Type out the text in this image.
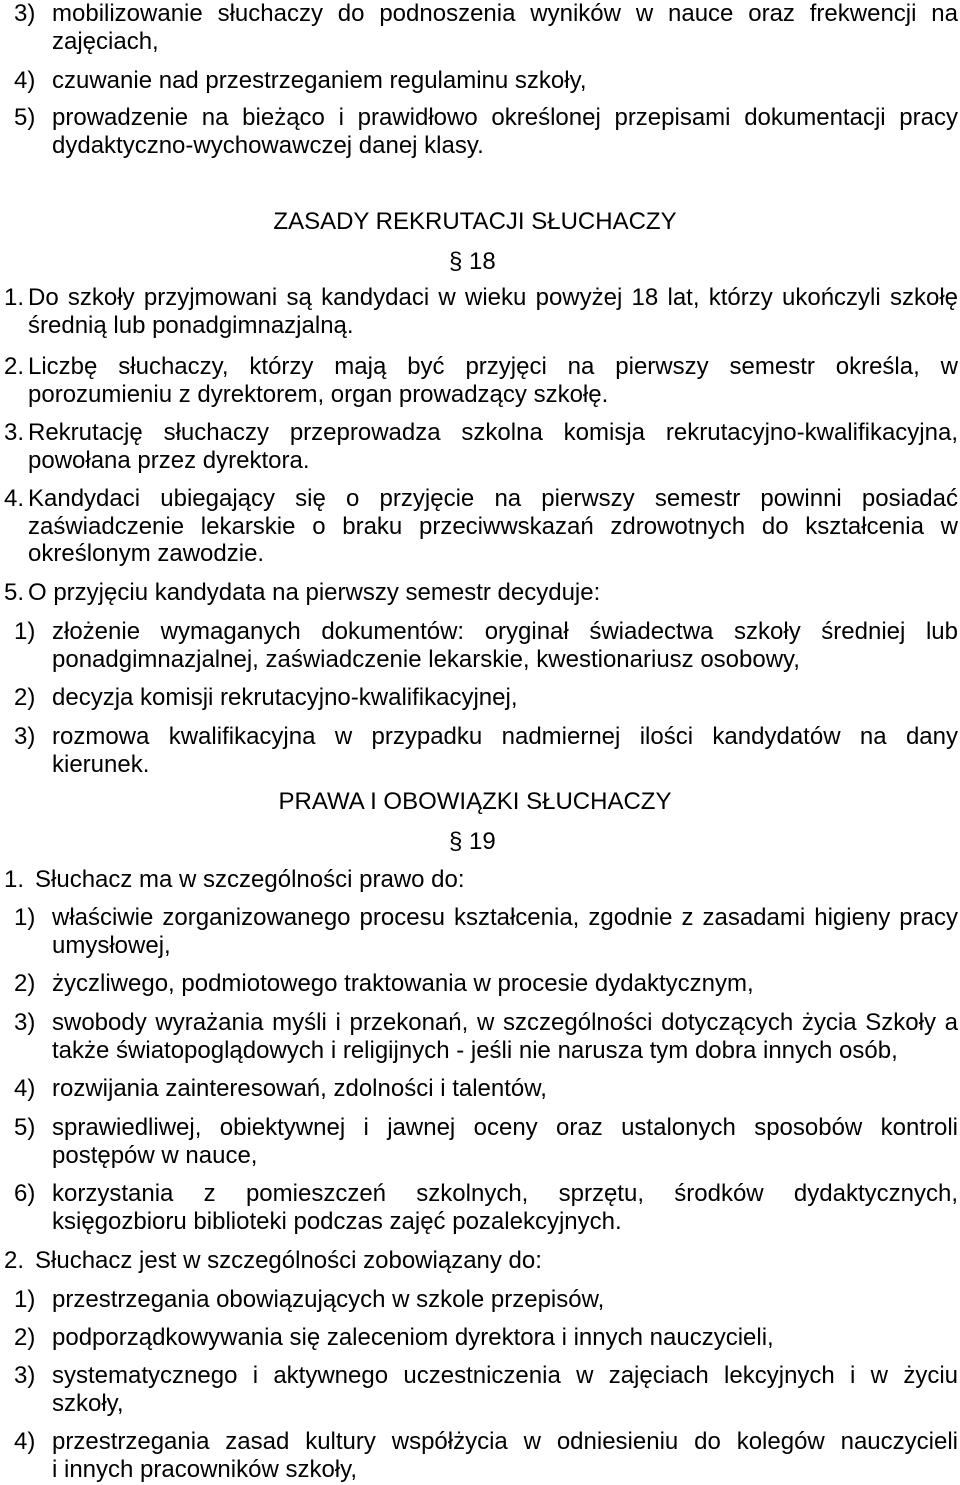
3) mobilizowanie słuchaczy do podnoszenia wyników w nauce oraz frekwencji na
zajęciach,
4) czuwanie nad przestrzeganiem regulaminu szkoły,
5) prowadzenie na bieżąco i prawidłowo określonej przepisami dokumentacji pracy
dydaktyczno-wychowawczej danej klasy.
ZASADY REKRUTACJI SŁUCHACZY
§ 18
1. Do szkoły przyjmowani są kandydaci w wieku powyżej 18 lat, którzy ukończyli szkołę
średnią lub ponadgimnazjalną.
2. Liczbę słuchaczy, którzy mają być przyjęci na pierwszy semestr określa, w
porozumieniu z dyrektorem, organ prowadzący szkołę.
3. Rekrutację słuchaczy przeprowadza szkolna komisja rekrutacyjno-kwalifikacyjna,
powołana przez dyrektora.
4. Kandydaci ubiegający się o przyjęcie na pierwszy semestr powinni posiadać
zaświadczenie lekarskie o braku przeciwwskazań zdrowotnych do kształcenia w
określonym zawodzie.
5. O przyjęciu kandydata na pierwszy semestr decyduje:
1) złożenie wymaganych dokumentów: oryginał świadectwa szkoły średniej lub
ponadgimnazjalnej, zaświadczenie lekarskie, kwestionariusz osobowy,
2) decyzja komisji rekrutacyjno-kwalifikacyjnej,
3) rozmowa kwalifikacyjna w przypadku nadmiernej ilości kandydatów na dany
kierunek.
PRAWA I OBOWIĄZKI SŁUCHACZY
§ 19
1. Słuchacz ma w szczególności prawo do:
1) właściwie zorganizowanego procesu kształcenia, zgodnie z zasadami higieny pracy
umysłowej,
2) życzliwego, podmiotowego traktowania w procesie dydaktycznym,
3) swobody wyrażania myśli i przekonań, w szczególności dotyczących życia Szkoły a
także światopoglądowych i religijnych - jeśli nie narusza tym dobra innych osób,
4) rozwijania zainteresowań, zdolności i talentów,
5) sprawiedliwej, obiektywnej i jawnej oceny oraz ustalonych sposobów kontroli
postępów w nauce,
6) korzystania z pomieszczeń szkolnych, sprzętu, środków dydaktycznych,
księgozbioru biblioteki podczas zajęć pozalekcyjnych.
2. Słuchacz jest w szczególności zobowiązany do:
1) przestrzegania obowiązujących w szkole przepisów,
2) podporządkowywania się zaleceniom dyrektora i innych nauczycieli,
3) systematycznego i aktywnego uczestniczenia w zajęciach lekcyjnych i w życiu
szkoły,
4) przestrzegania zasad kultury współżycia w odniesieniu do kolegów nauczycieli
i innych pracowników szkoły,
